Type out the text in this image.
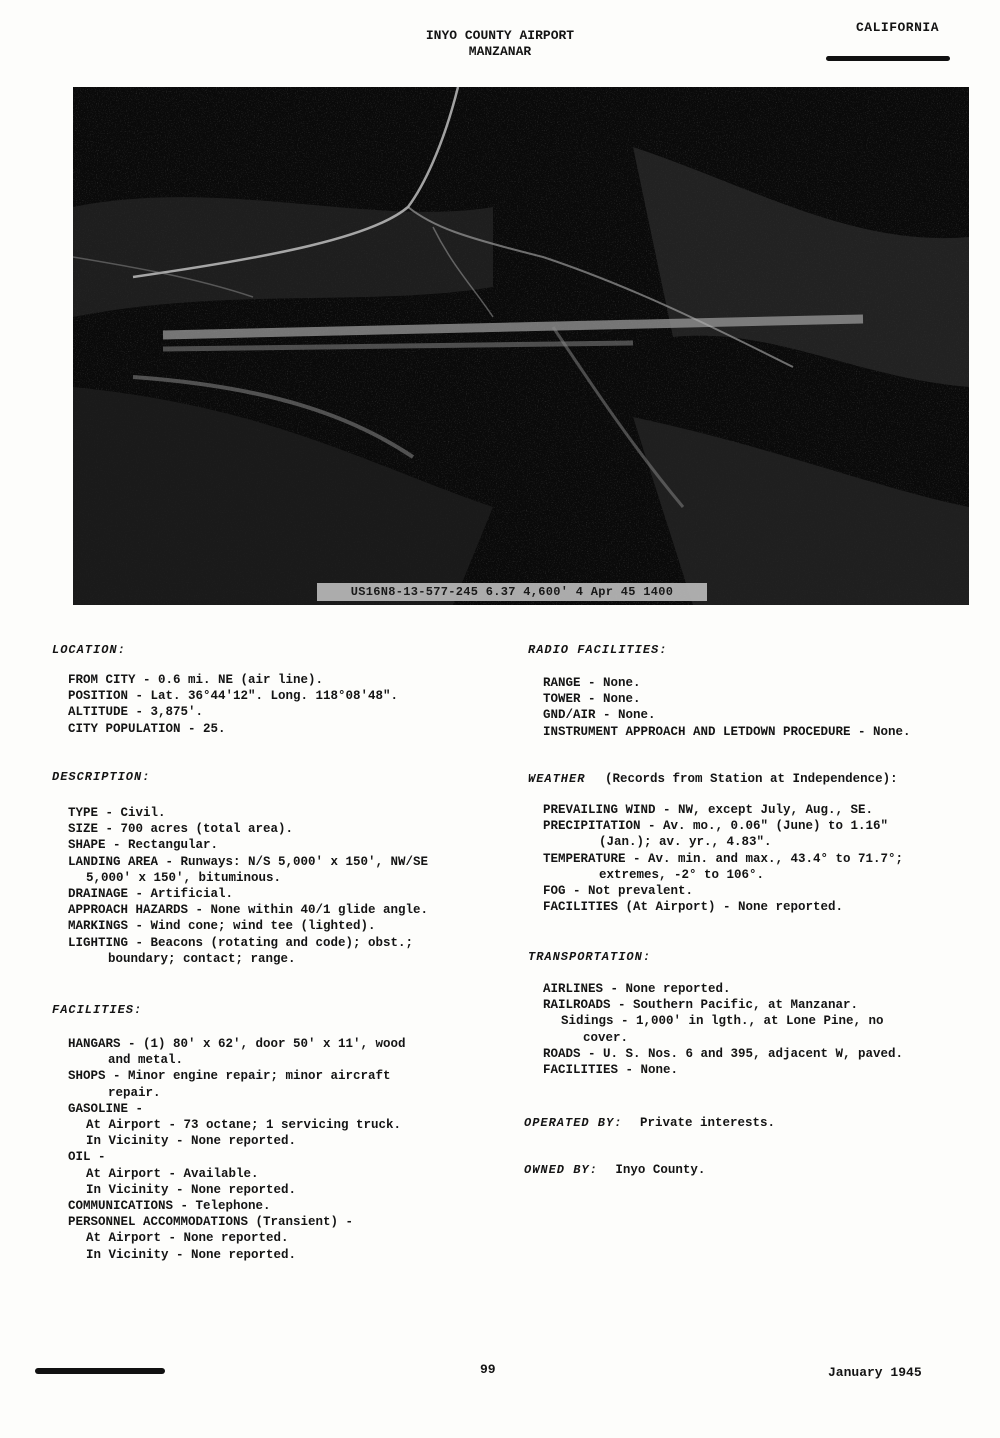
INYO COUNTY AIRPORT
MANZANAR
CALIFORNIA
US16N8-13-577-245 6.37 4,600' 4 Apr 45 1400
LOCATION:
FROM CITY - 0.6 mi. NE (air line).
POSITION - Lat. 36°44'12". Long. 118°08'48".
ALTITUDE - 3,875'.
CITY POPULATION - 25.
DESCRIPTION:
TYPE - Civil.
SIZE - 700 acres (total area).
SHAPE - Rectangular.
LANDING AREA - Runways: N/S 5,000' x 150', NW/SE
5,000' x 150', bituminous.
DRAINAGE - Artificial.
APPROACH HAZARDS - None within 40/1 glide angle.
MARKINGS - Wind cone; wind tee (lighted).
LIGHTING - Beacons (rotating and code); obst.;
boundary; contact; range.
FACILITIES:
HANGARS - (1) 80' x 62', door 50' x 11', wood
and metal.
SHOPS - Minor engine repair; minor aircraft
repair.
GASOLINE -
At Airport - 73 octane; 1 servicing truck.
In Vicinity - None reported.
OIL -
At Airport - Available.
In Vicinity - None reported.
COMMUNICATIONS - Telephone.
PERSONNEL ACCOMMODATIONS (Transient) -
At Airport - None reported.
In Vicinity - None reported.
RADIO FACILITIES:
RANGE - None.
TOWER - None.
GND/AIR - None.
INSTRUMENT APPROACH AND LETDOWN PROCEDURE - None.
WEATHER (Records from Station at Independence):
PREVAILING WIND - NW, except July, Aug., SE.
PRECIPITATION - Av. mo., 0.06" (June) to 1.16"
(Jan.); av. yr., 4.83".
TEMPERATURE - Av. min. and max., 43.4° to 71.7°;
extremes, -2° to 106°.
FOG - Not prevalent.
FACILITIES (At Airport) - None reported.
TRANSPORTATION:
AIRLINES - None reported.
RAILROADS - Southern Pacific, at Manzanar.
Sidings - 1,000' in lgth., at Lone Pine, no
cover.
ROADS - U. S. Nos. 6 and 395, adjacent W, paved.
FACILITIES - None.
OPERATED BY: Private interests.
OWNED BY: Inyo County.
99	January 1945
